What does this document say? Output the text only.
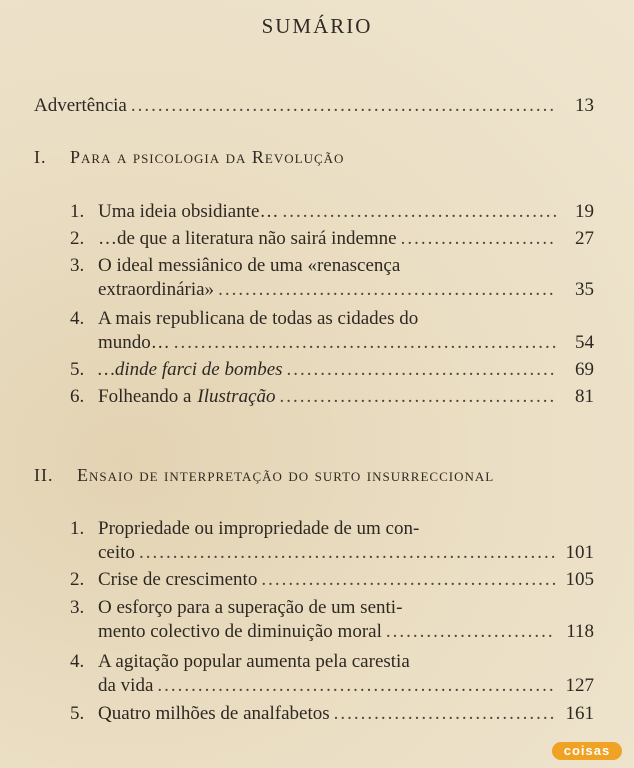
SUMÁRIO
Advertência .....	13
I. Para a psicologia da Revolução
1. Uma ideia obsidiante… .....	19
2. …de que a literatura não sairá indemne .....	27
3. O ideal messiânico de uma «renascença
extraordinária» .....	35
4. A mais republicana de todas as cidades do
mundo… .....	54
5. …dinde farci de bombes .....	69
6. Folheando a Ilustração .....	81
II. Ensaio de interpretação do surto insurreccional
1. Propriedade ou impropriedade de um con-
ceito .....	101
2. Crise de crescimento .....	105
3. O esforço para a superação de um senti-
mento colectivo de diminuição moral .....	118
4. A agitação popular aumenta pela carestia
da vida .....	127
5. Quatro milhões de analfabetos .....	161
coisas
